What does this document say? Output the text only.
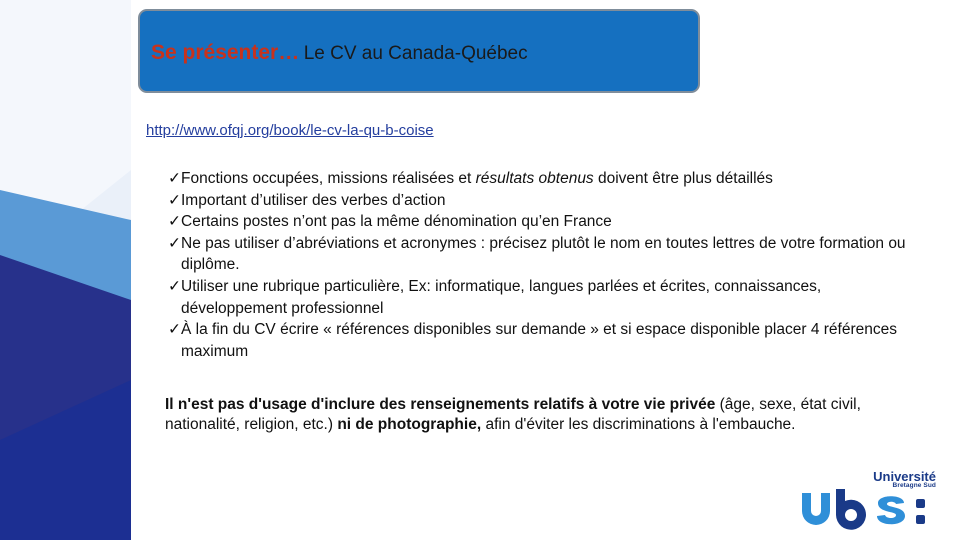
Se présenter… Le CV au Canada-Québec
http://www.ofqj.org/book/le-cv-la-qu-b-coise
✓ Fonctions occupées, missions réalisées et résultats obtenus doivent être plus détaillés
✓ Important d’utiliser des verbes d’action
✓ Certains postes n’ont pas la même dénomination qu’en France
✓ Ne pas utiliser d’abréviations et acronymes : précisez plutôt le nom en toutes lettres de votre formation ou diplôme.
✓ Utiliser une rubrique particulière, Ex: informatique, langues parlées et écrites, connaissances, développement professionnel
✓ À la fin du CV écrire « références disponibles sur demande » et si espace disponible placer 4 références maximum
Il n'est pas d'usage d'inclure des renseignements relatifs à votre vie privée (âge, sexe, état civil, nationalité, religion, etc.) ni de photographie, afin d'éviter les discriminations à l'embauche.
Université
Bretagne Sud
